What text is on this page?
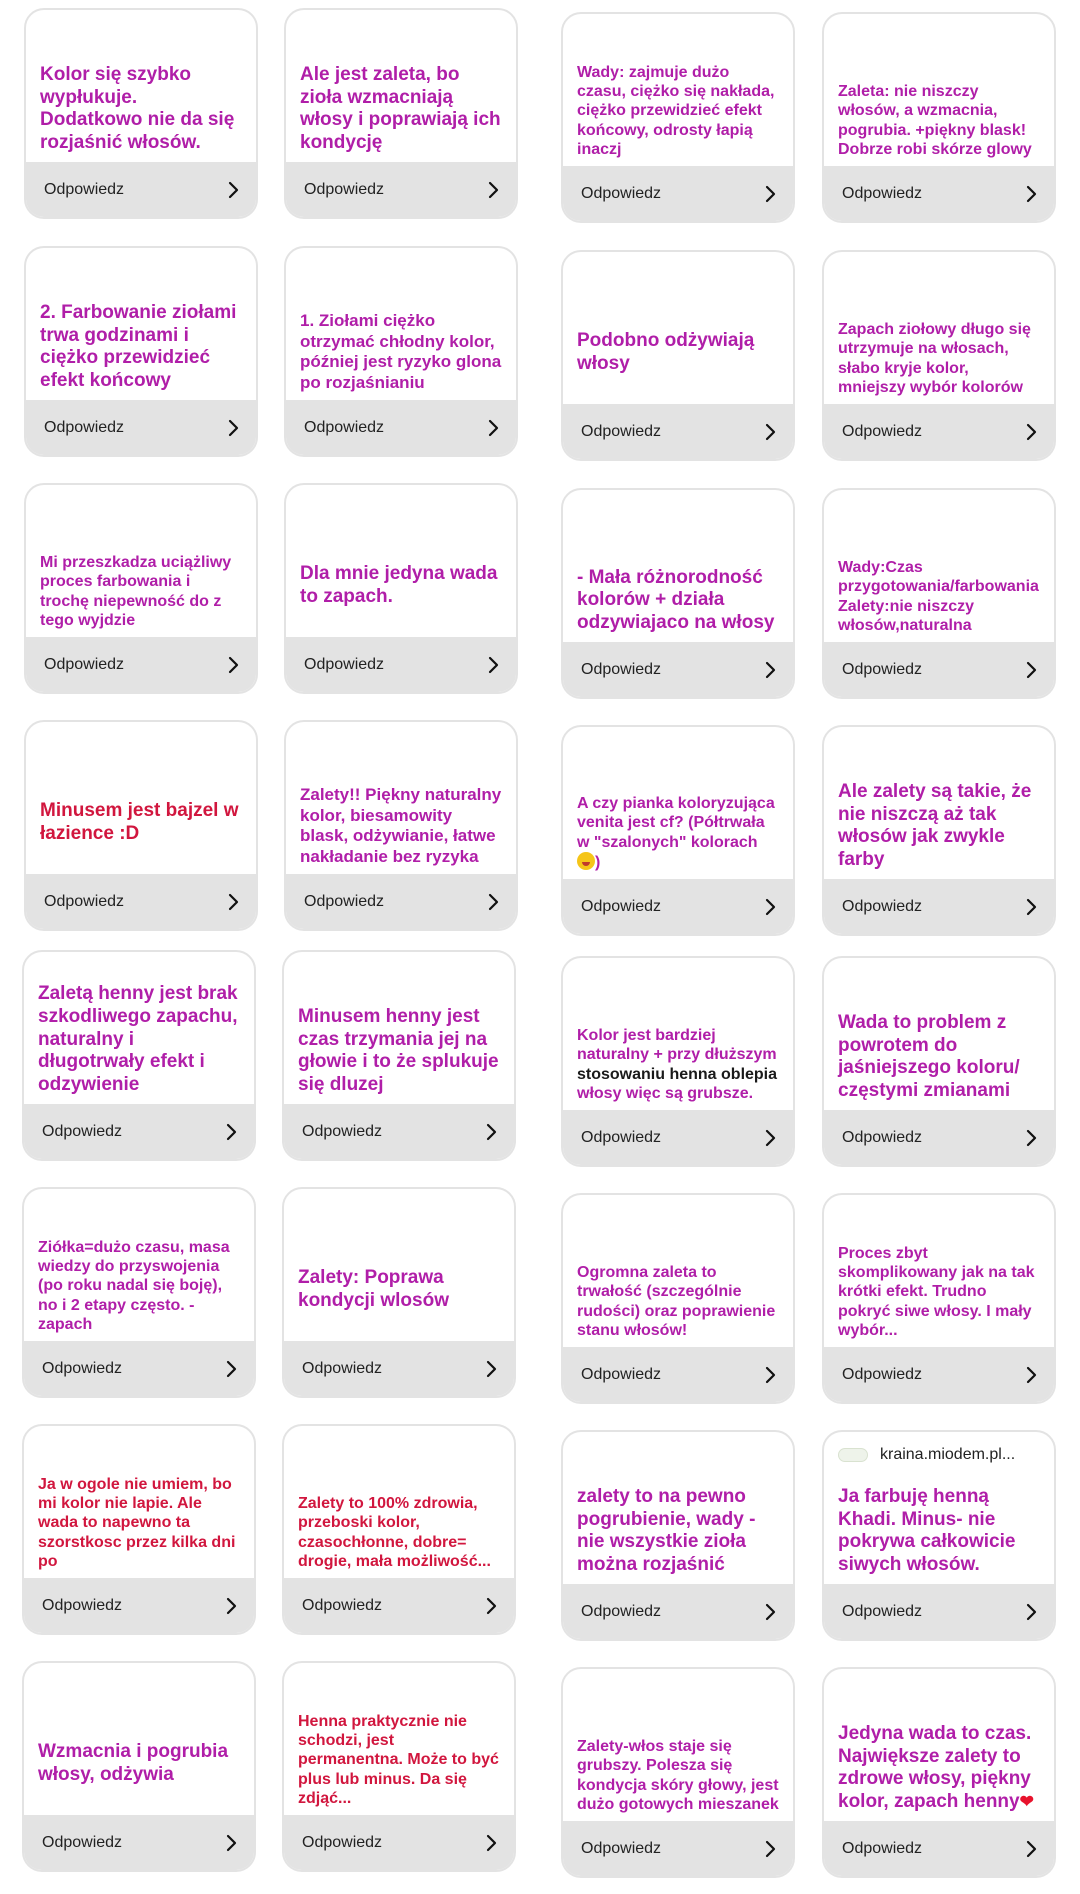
Kolor się szybko wypłukuje. Dodatkowo nie da się rozjaśnić włosów.
Odpowiedz
2. Farbowanie ziołami trwa godzinami i ciężko przewidzieć efekt końcowy
Odpowiedz
Mi przeszkadza uciążliwy proces farbowania i trochę niepewność do z tego wyjdzie
Odpowiedz
Minusem jest bajzel w łazience :D
Odpowiedz
Zaletą henny jest brak szkodliwego zapachu, naturalny i długotrwały efekt i odzywienie
Odpowiedz
Ziółka=dużo czasu, masa wiedzy do przyswojenia (po roku nadal się boję), no i 2 etapy często. - zapach
Odpowiedz
Ja w ogole nie umiem, bo mi kolor nie lapie. Ale wada to napewno ta szorstkosc przez kilka dni po
Odpowiedz
Wzmacnia i pogrubia włosy, odżywia
Odpowiedz
Ale jest zaleta, bo zioła wzmacniają włosy i poprawiają ich kondycję
Odpowiedz
1. Ziołami ciężko otrzymać chłodny kolor, później jest ryzyko glona po rozjaśnianiu
Odpowiedz
Dla mnie jedyna wada to zapach.
Odpowiedz
Zalety!! Piękny naturalny kolor, biesamowity blask, odżywianie, łatwe nakładanie bez ryzyka
Odpowiedz
Minusem henny jest czas trzymania jej na głowie i to że splukuje się dluzej
Odpowiedz
Zalety: Poprawa kondycji wlosów
Odpowiedz
Zalety to 100% zdrowia, przeboski kolor, czasochłonne, dobre= drogie, mała możliwość...
Odpowiedz
Henna praktycznie nie schodzi, jest permanentna. Może to być plus lub minus. Da się zdjąć...
Odpowiedz
Wady: zajmuje dużo czasu, ciężko się nakłada, ciężko przewidzieć efekt końcowy, odrosty łapią inaczj
Odpowiedz
Podobno odżywiają włosy
Odpowiedz
- Mała różnorodność kolorów + działa odzywiajaco na włosy
Odpowiedz
A czy pianka koloryzująca venita jest cf? (Półtrwała w "szalonych" kolorach )
Odpowiedz
Kolor jest bardziej naturalny + przy dłuższym stosowaniu henna oblepia włosy więc są grubsze.
Odpowiedz
Ogromna zaleta to trwałość (szczególnie rudości) oraz poprawienie stanu włosów!
Odpowiedz
zalety to na pewno pogrubienie, wady - nie wszystkie zioła można rozjaśnić
Odpowiedz
Zalety-włos staje się grubszy. Polesza się kondycja skóry głowy, jest dużo gotowych mieszanek
Odpowiedz
Zaleta: nie niszczy włosów, a wzmacnia, pogrubia. +piękny blask! Dobrze robi skórze glowy
Odpowiedz
Zapach ziołowy długo się utrzymuje na włosach, słabo kryje kolor, mniejszy wybór kolorów
Odpowiedz
Wady:Czas przygotowania/farbowania Zalety:nie niszczy włosów,naturalna
Odpowiedz
Ale zalety są takie, że nie niszczą aż tak włosów jak zwykle farby
Odpowiedz
Wada to problem z powrotem do jaśniejszego koloru/ częstymi zmianami
Odpowiedz
Proces zbyt skomplikowany jak na tak krótki efekt. Trudno pokryć siwe włosy. I mały wybór...
Odpowiedz
kraina.miodem.pl...
Ja farbuję henną Khadi. Minus- nie pokrywa całkowicie siwych włosów.
Odpowiedz
Jedyna wada to czas. Największe zalety to zdrowe włosy, piękny kolor, zapach henny❤
Odpowiedz
